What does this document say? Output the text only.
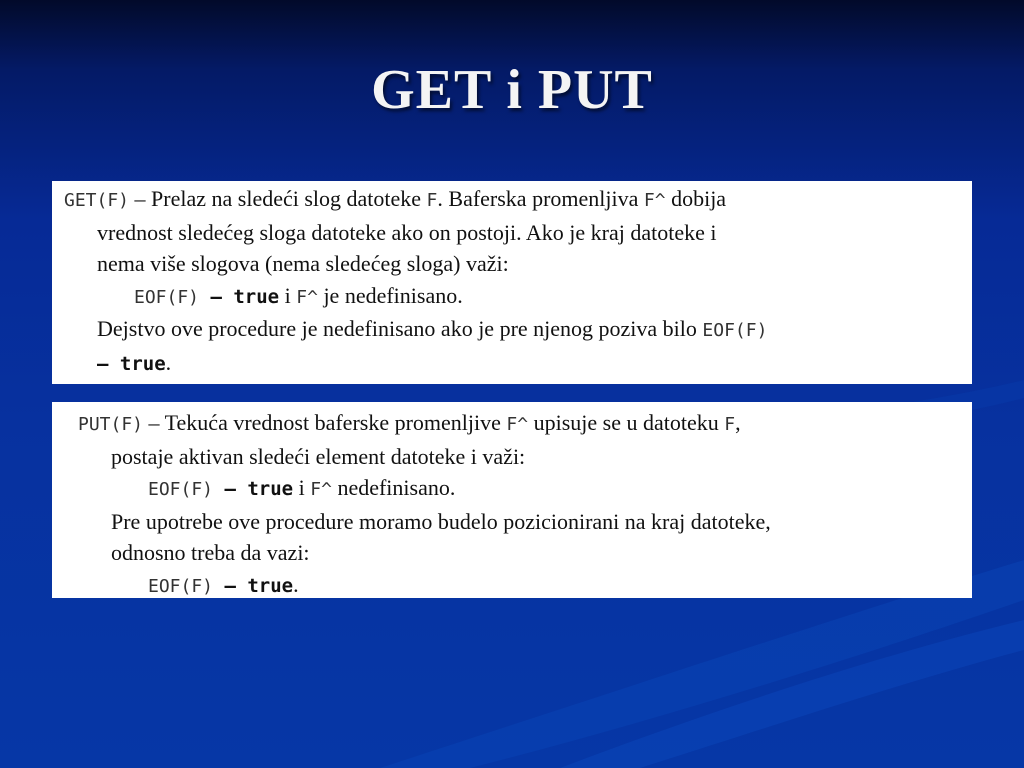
GET i PUT
GET(F) – Prelaz na sledeći slog datoteke F. Baferska promenljiva F^ dobija
vrednost sledećeg sloga datoteke ako on postoji. Ako je kraj datoteke i
nema više slogova (nema sledećeg sloga) važi:
EOF(F) – true i F^ je nedefinisano.
Dejstvo ove procedure je nedefinisano ako je pre njenog poziva bilo EOF(F)
– true.
PUT(F) – Tekuća vrednost baferske promenljive F^ upisuje se u datoteku F,
postaje aktivan sledeći element datoteke i važi:
EOF(F) – true i F^ nedefinisano.
Pre upotrebe ove procedure moramo budelo pozicionirani na kraj datoteke,
odnosno treba da vazi:
EOF(F) – true.
